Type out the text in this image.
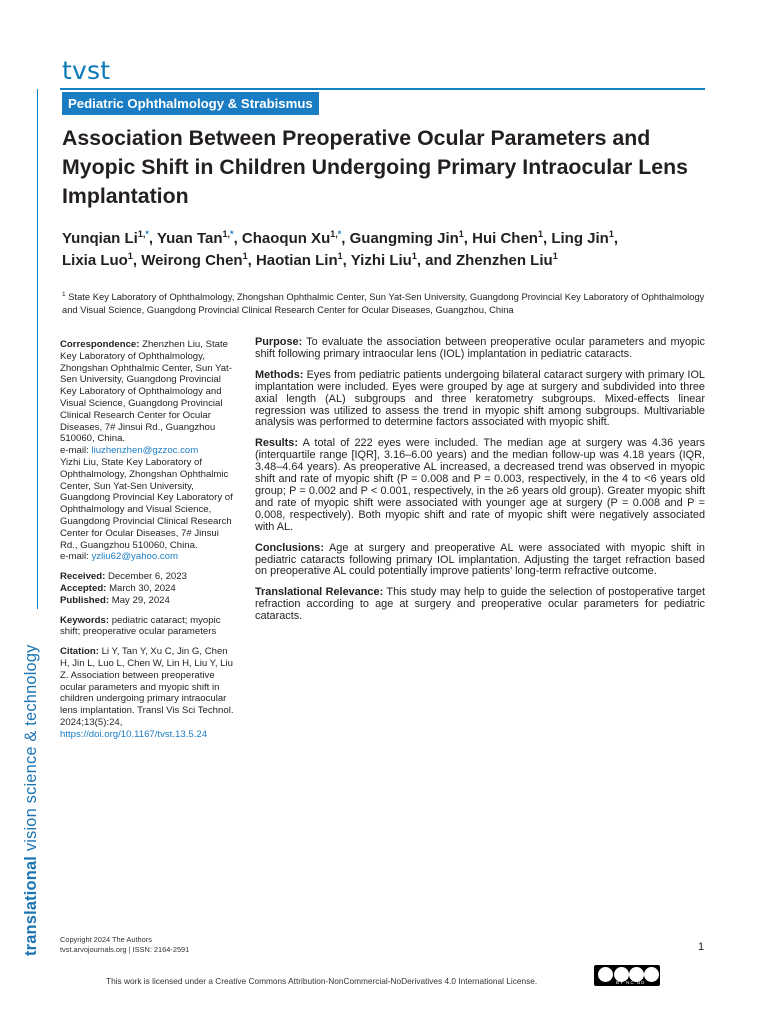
tvst
Pediatric Ophthalmology & Strabismus
Association Between Preoperative Ocular Parameters and Myopic Shift in Children Undergoing Primary Intraocular Lens Implantation
Yunqian $Li^{1,*}$, Yuan Tan$^{1,*}$, Chaoqun $Xu^{1,*}$, Guangming Jin$^1$, Hui Chen$^1$, Ling Jin$^1$,
Lixia Luo$^1$, Weirong Chen$^1$, Haotian Lin$^1$, Yizhi Liu$^1$, and Zhenzhen Liu$^1$
$^1$ State Key Laboratory of Ophthalmology, Zhongshan Ophthalmic Center, Sun Yat-Sen University, Guangdong Provincial Key Laboratory of Ophthalmology and Visual Science, Guangdong Provincial Clinical Research Center for Ocular Diseases, Guangzhou, China
Correspondence: Zhenzhen Liu, State Key Laboratory of Ophthalmology, Zhongshan Ophthalmic Center, Sun Yat-Sen University, Guangdong Provincial Key Laboratory of Ophthalmology and Visual Science, Guangdong Provincial Clinical Research Center for Ocular Diseases, 7# Jinsui Rd., Guangzhou 510060, China.
e-mail: liuzhenzhen@gzzoc.com
Yizhi Liu, State Key Laboratory of Ophthalmology, Zhongshan Ophthalmic Center, Sun Yat-Sen University, Guangdong Provincial Key Laboratory of Ophthalmology and Visual Science, Guangdong Provincial Clinical Research Center for Ocular Diseases, 7# Jinsui Rd., Guangzhou 510060, China.
e-mail: yzliu62@yahoo.com
Received: December 6, 2023
Accepted: March 30, 2024
Published: May 29, 2024
Keywords: pediatric cataract; myopic shift; preoperative ocular parameters
Citation: Li Y, Tan Y, Xu C, Jin G, Chen H, Jin L, Luo L, Chen W, Lin H, Liu Y, Liu Z. Association between preoperative ocular parameters and myopic shift in children undergoing primary intraocular lens implantation. Transl Vis Sci Technol. 2024;13(5):24,
https://doi.org/10.1167/tvst.13.5.24

Purpose: To evaluate the association between preoperative ocular parameters and myopic shift following primary intraocular lens (IOL) implantation in pediatric cataracts.

Methods: Eyes from pediatric patients undergoing bilateral cataract surgery with primary IOL implantation were included. Eyes were grouped by age at surgery and subdivided into three axial length (AL) subgroups and three keratometry subgroups. Mixed-effects linear regression was utilized to assess the trend in myopic shift among subgroups. Multivariable analysis was performed to determine factors associated with myopic shift.

Results: A total of 222 eyes were included. The median age at surgery was 4.36 years (interquartile range [IQR], 3.16–6.00 years) and the median follow-up was 4.18 years (IQR, 3.48–4.64 years). As preoperative AL increased, a decreased trend was observed in myopic shift and rate of myopic shift (P = 0.008 and P = 0.003, respectively, in the 4 to <6 years old group; P = 0.002 and P < 0.001, respectively, in the ≥6 years old group). Greater myopic shift and rate of myopic shift were associated with younger age at surgery (P = 0.008 and P = 0.008, respectively). Both myopic shift and rate of myopic shift were negatively associated with AL.

Conclusions: Age at surgery and preoperative AL were associated with myopic shift in pediatric cataracts following primary IOL implantation. Adjusting the target refraction based on preoperative AL could potentially improve patients’ long-term refractive outcome.

Translational Relevance: This study may help to guide the selection of postoperative target refraction according to age at surgery and preoperative ocular parameters for pediatric cataracts.

translational vision science & technology
Copyright 2024 The Authors
tvst.arvojournals.org | ISSN: 2164-2591	1
This work is licensed under a Creative Commons Attribution-NonCommercial-NoDerivatives 4.0 International License.	BY NC ND
